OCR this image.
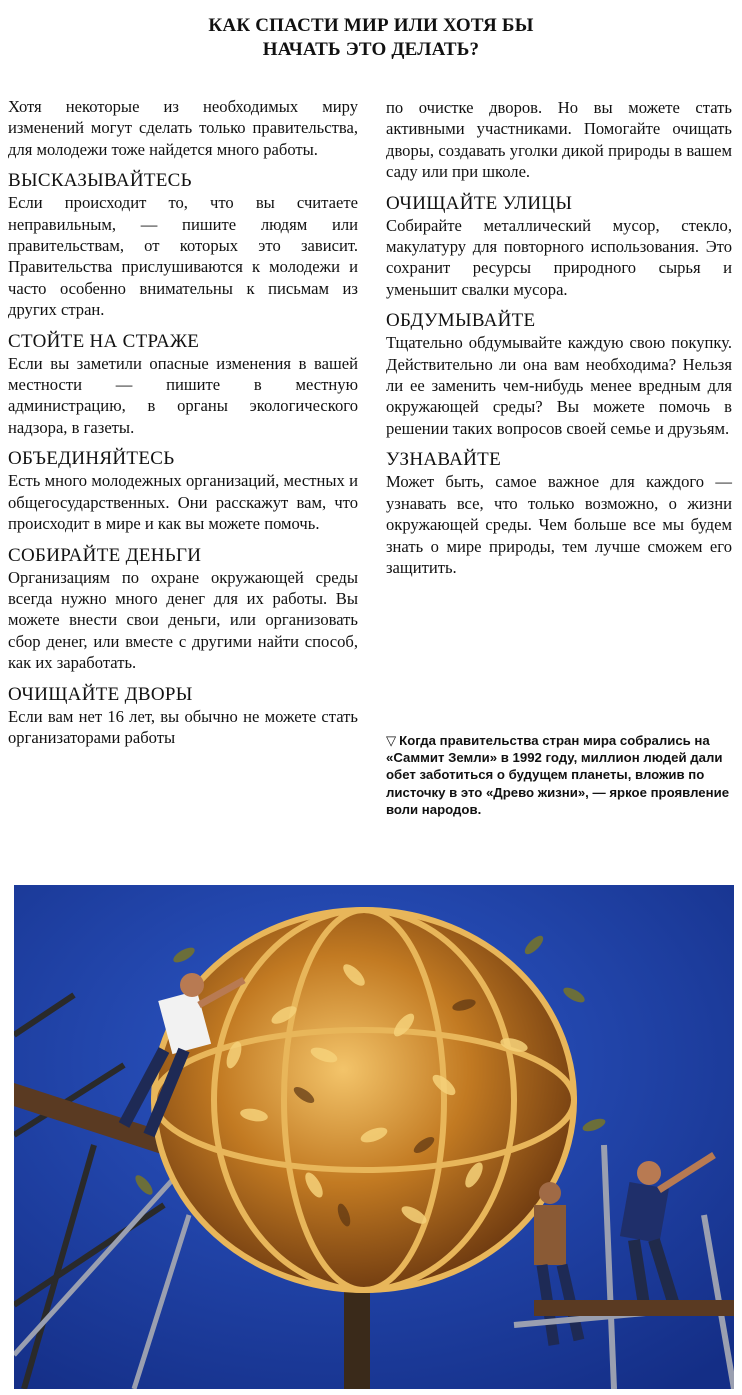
КАК СПАСТИ МИР ИЛИ ХОТЯ БЫ
НАЧАТЬ ЭТО ДЕЛАТЬ?

Хотя некоторые из необходимых миру изменений могут сделать только правительства, для молодежи тоже найдется много работы.

ВЫСКАЗЫВАЙТЕСЬ

Если происходит то, что вы считаете неправильным, — пишите людям или правительствам, от которых это зависит. Правительства прислушиваются к молодежи и часто особенно внимательны к письмам из других стран.

СТОЙТЕ НА СТРАЖЕ

Если вы заметили опасные изменения в вашей местности — пишите в местную администрацию, в органы экологического надзора, в газеты.

ОБЪЕДИНЯЙТЕСЬ

Есть много молодежных организаций, местных и общегосударственных. Они расскажут вам, что происходит в мире и как вы можете помочь.

СОБИРАЙТЕ ДЕНЬГИ

Организациям по охране окружающей среды всегда нужно много денег для их работы. Вы можете внести свои деньги, или организовать сбор денег, или вместе с другими найти способ, как их заработать.

ОЧИЩАЙТЕ ДВОРЫ

Если вам нет 16 лет, вы обычно не можете стать организаторами работы

по очистке дворов. Но вы можете стать активными участниками. Помогайте очищать дворы, создавать уголки дикой природы в вашем саду или при школе.

ОЧИЩАЙТЕ УЛИЦЫ

Собирайте металлический мусор, стекло, макулатуру для повторного использования. Это сохранит ресурсы природного сырья и уменьшит свалки мусора.

ОБДУМЫВАЙТЕ

Тщательно обдумывайте каждую свою покупку. Действительно ли она вам необходима? Нельзя ли ее заменить чем-нибудь менее вредным для окружающей среды? Вы можете помочь в решении таких вопросов своей семье и друзьям.

УЗНАВАЙТЕ

Может быть, самое важное для каждого — узнавать все, что только возможно, о жизни окружающей среды. Чем больше все мы будем знать о мире природы, тем лучше сможем его защитить.

▽ Когда правительства стран мира собрались на «Саммит Земли» в 1992 году, миллион людей дали обет заботиться о будущем планеты, вложив по листочку в это «Древо жизни», — яркое проявление воли народов.
